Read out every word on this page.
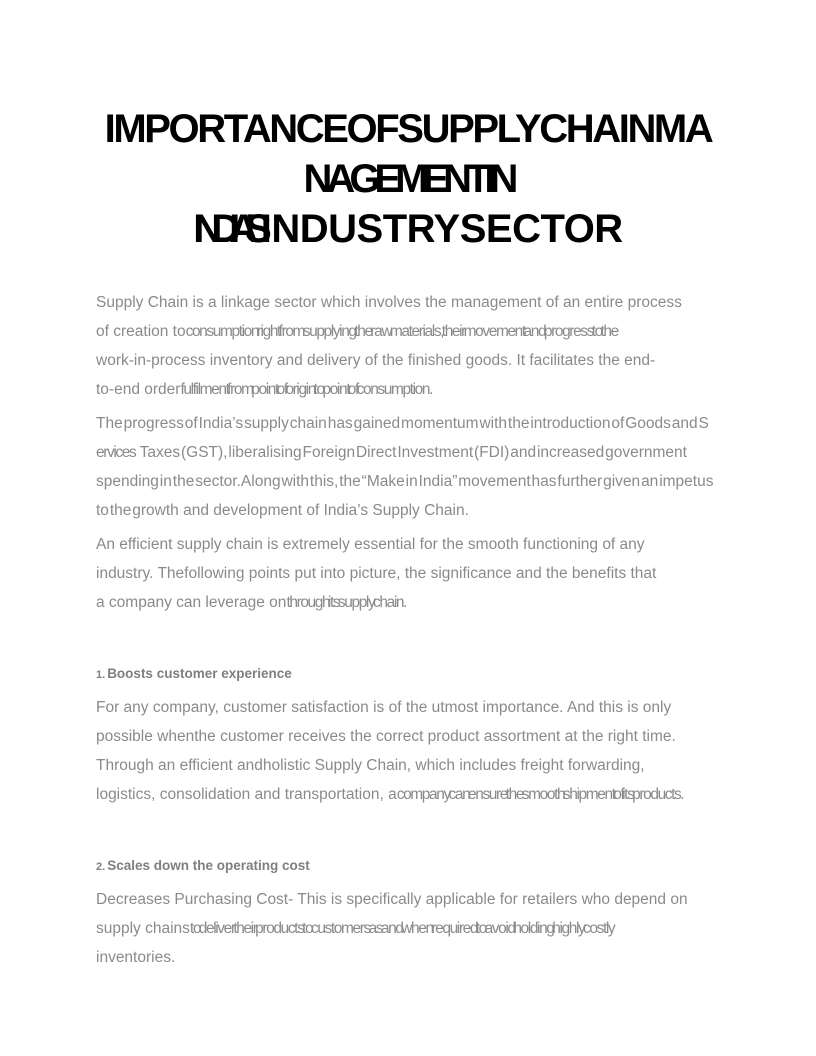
IMPORTANCEOFSUPPLYCHAINMA
NAGEMENTIN
INDIA’SINDUSTRYSECTOR
Supply Chain is a linkage sector which involves the management of an entire process
of creation toconsumption right from supplying the raw materials, their movement and progress to the
work-in-process inventory and delivery of the finished goods. It facilitates the end-
to-end orderfulfilment from point of origin to point of consumption.
The progress of India’s supply chain has gained momentum with the introduction of Goods and S
ervices Taxes (GST), liberalising Foreign Direct Investment (FDI) and increased government
spending in the sector. Along with this, the “Make in India” movement has further given an impetus
to the growth and development of India’s Supply Chain.
An efficient supply chain is extremely essential for the smooth functioning of any
industry. Thefollowing points put into picture, the significance and the benefits that
a company can leverage onthrough its supply chain.
1. Boosts customer experience
For any company, customer satisfaction is of the utmost importance. And this is only
possible whenthe customer receives the correct product assortment at the right time.
Through an efficient andholistic Supply Chain, which includes freight forwarding,
logistics, consolidation and transportation, acompany can ensure the smooth shipment of its products.
2. Scales down the operating cost
Decreases Purchasing Cost- This is specifically applicable for retailers who depend on
supply chainsto deliver their products to customers as and when required to avoid holding highly costly
inventories.
